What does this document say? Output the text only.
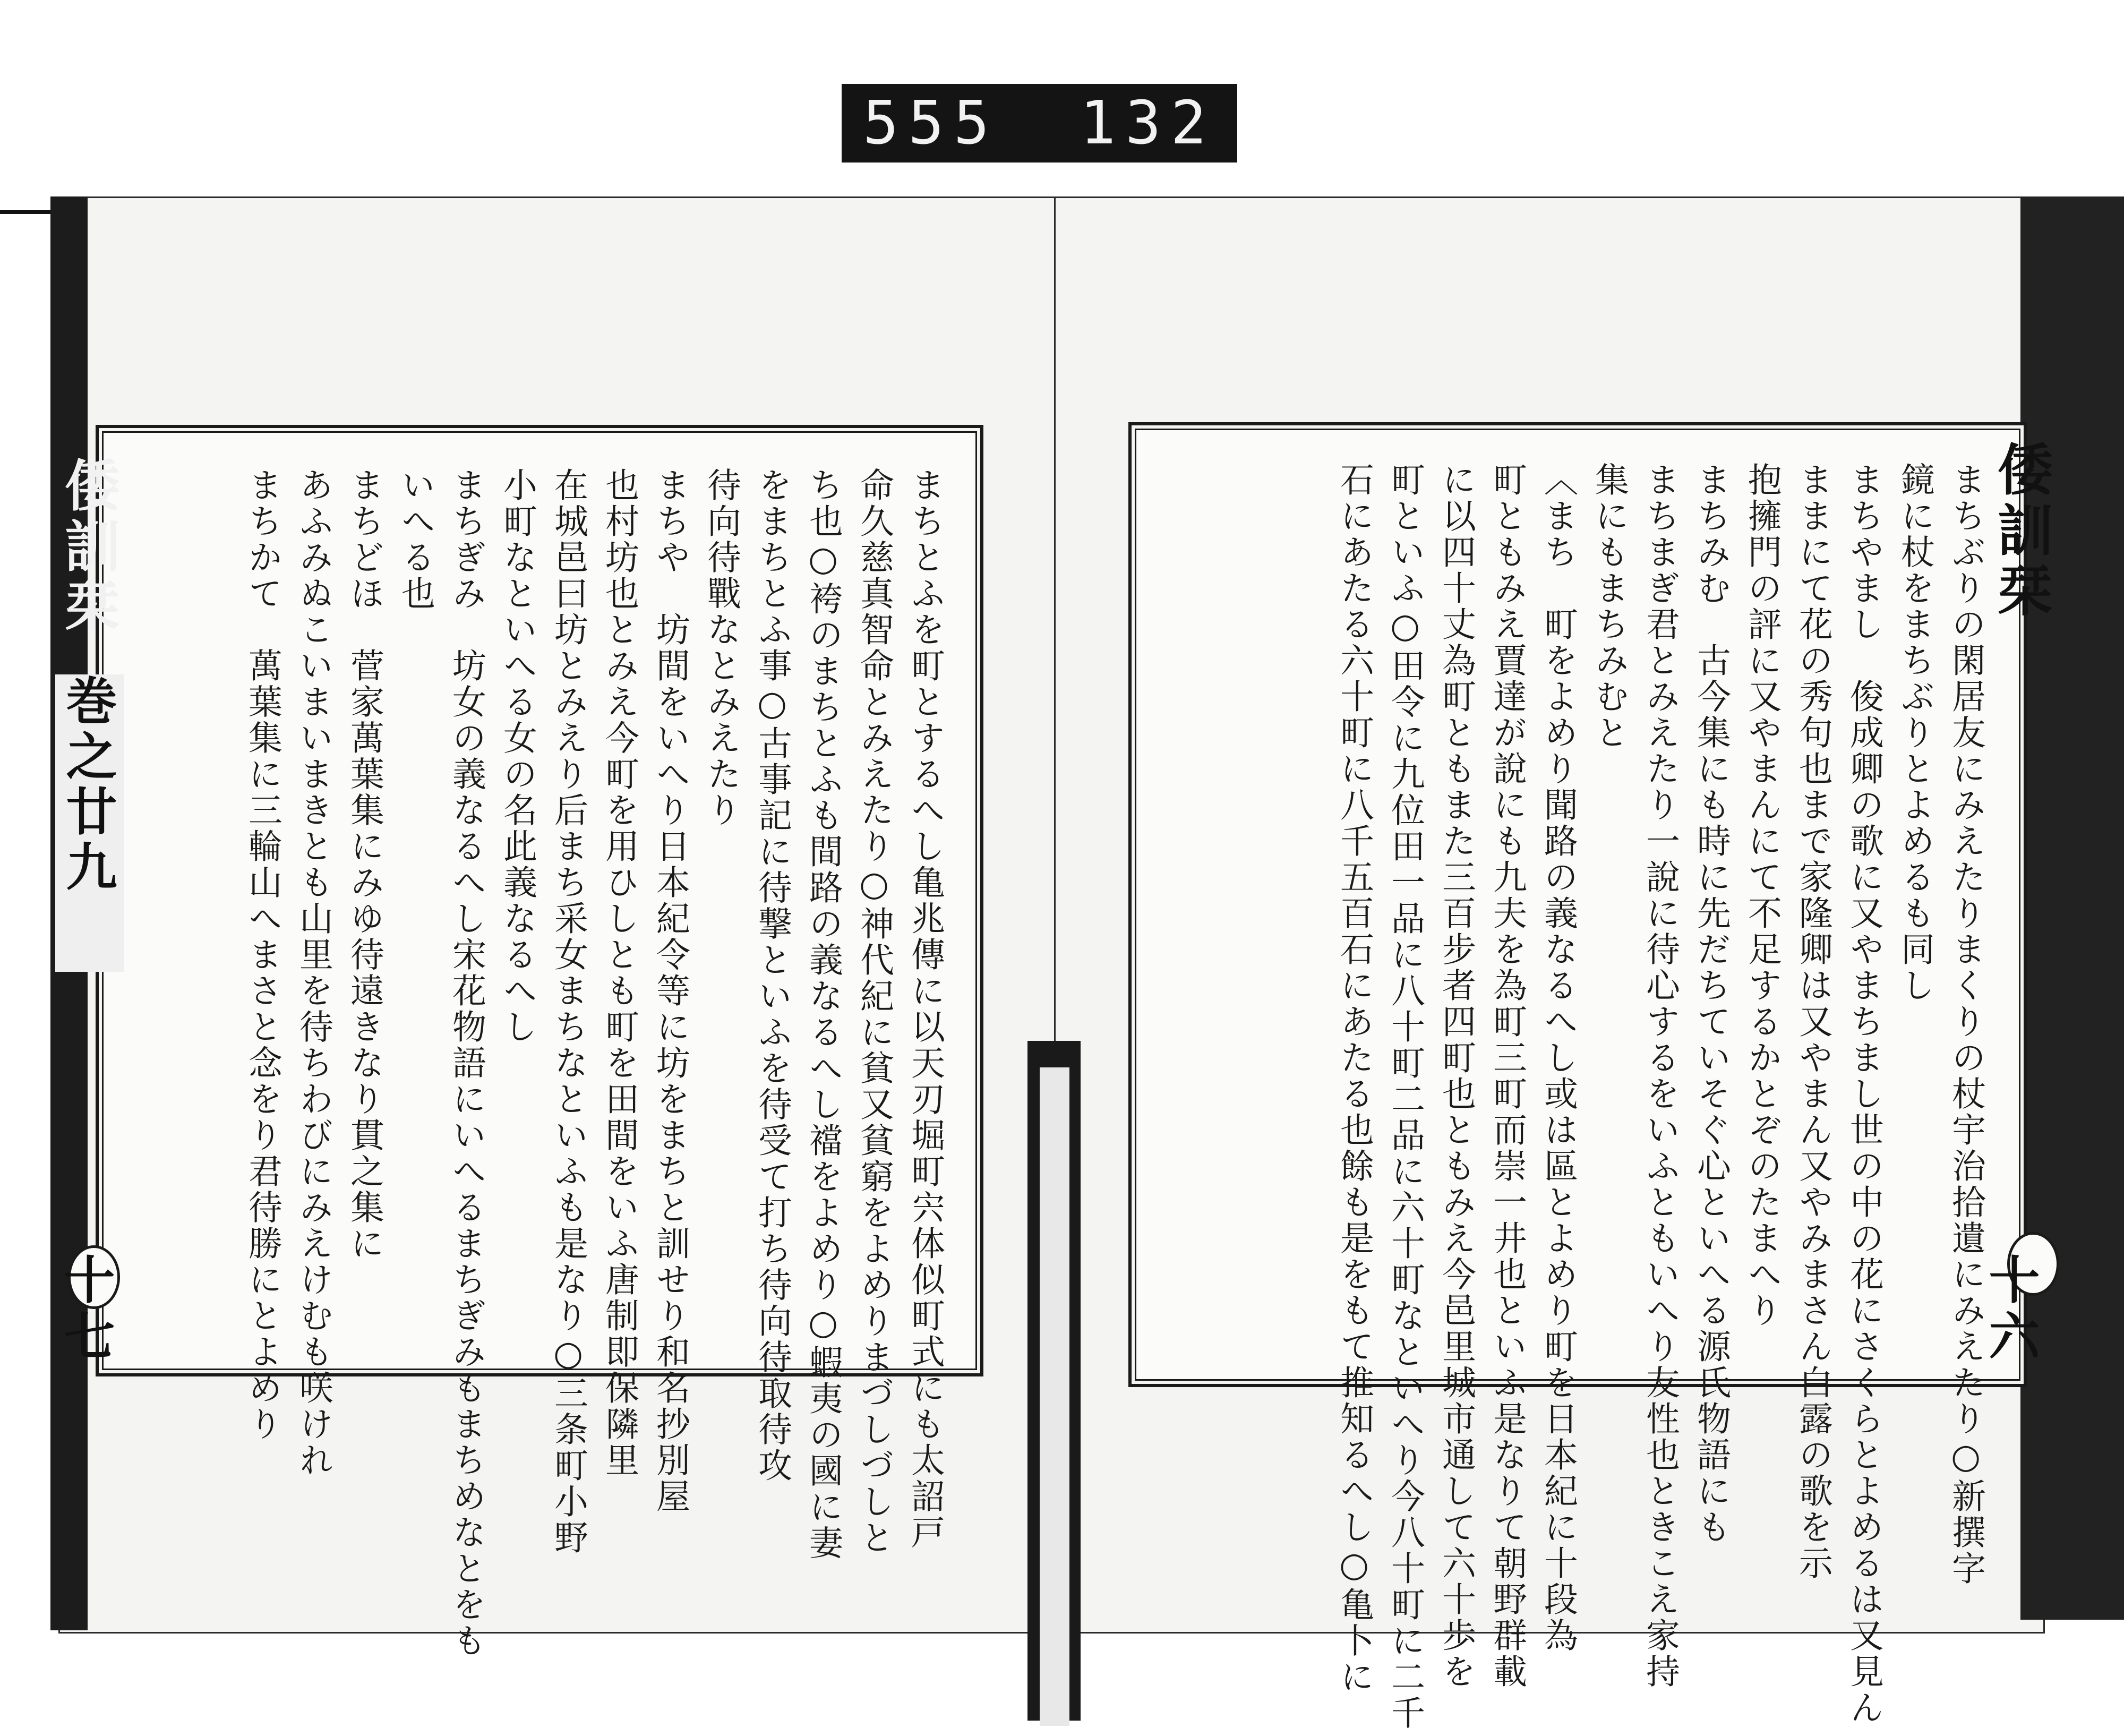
555 132
倭訓栞
巻之廿九
十七
倭訓栞
十六
まちぶりの閑居友にみえたりまくりの杖宇治拾遺にみえたり○新撰字
鏡に杖をまちぶりとよめるも同し
まちやまし　俊成卿の歌に又やまちまし世の中の花にさくらとよめるは又見ん
ままにて花の秀句也まで家隆卿は又やまん又やみまさん白露の歌を示
抱擁門の評に又やまんにて不足するかとぞのたまへり
まちみむ　古今集にも時に先だちていそぐ心といへる源氏物語にも
まちまぎ君とみえたり一說に待心するをいふともいへり友性也ときこえ家持
集にもまちみむと
〈まち　町をよめり聞路の義なるへし或は區とよめり町を日本紀に十段為
町ともみえ賈達が說にも九夫を為町三町而崇一井也といふ是なりて朝野群載
に以四十丈為町ともまた三百步者四町也ともみえ今邑里城市通して六十歩を
町といふ○田令に九位田一品に八十町二品に六十町なといへり今八十町に二千
石にあたる六十町に八千五百石にあたる也餘も是をもて推知るへし○亀卜に
まちとふを町とするへし亀兆傳に以天刃堀町宍体似町式にも太詔戸
命久慈真智命とみえたり○神代紀に貧又貧窮をよめりまづしづしと
ち也○袴のまちとふも間路の義なるへし襠をよめり○蝦夷の國に妻
をまちとふ事○古事記に待撃といふを待受て打ち待向待取待攻
待向待戰なとみえたり
まちや　坊間をいへり日本紀令等に坊をまちと訓せり和名抄別屋
也村坊也とみえ今町を用ひしとも町を田間をいふ唐制即保隣里
在城邑曰坊とみえり后まち采女まちなといふも是なり○三条町小野
小町なといへる女の名此義なるへし
まちぎみ　坊女の義なるへし宋花物語にいへるまちぎみもまちめなとをも
いへる也
まちどほ　菅家萬葉集にみゆ待遠きなり貫之集に
あふみぬこいまいまきとも山里を待ちわびにみえけむも咲けれ
まちかて　萬葉集に三輪山へまさと念をり君待勝にとよめり
